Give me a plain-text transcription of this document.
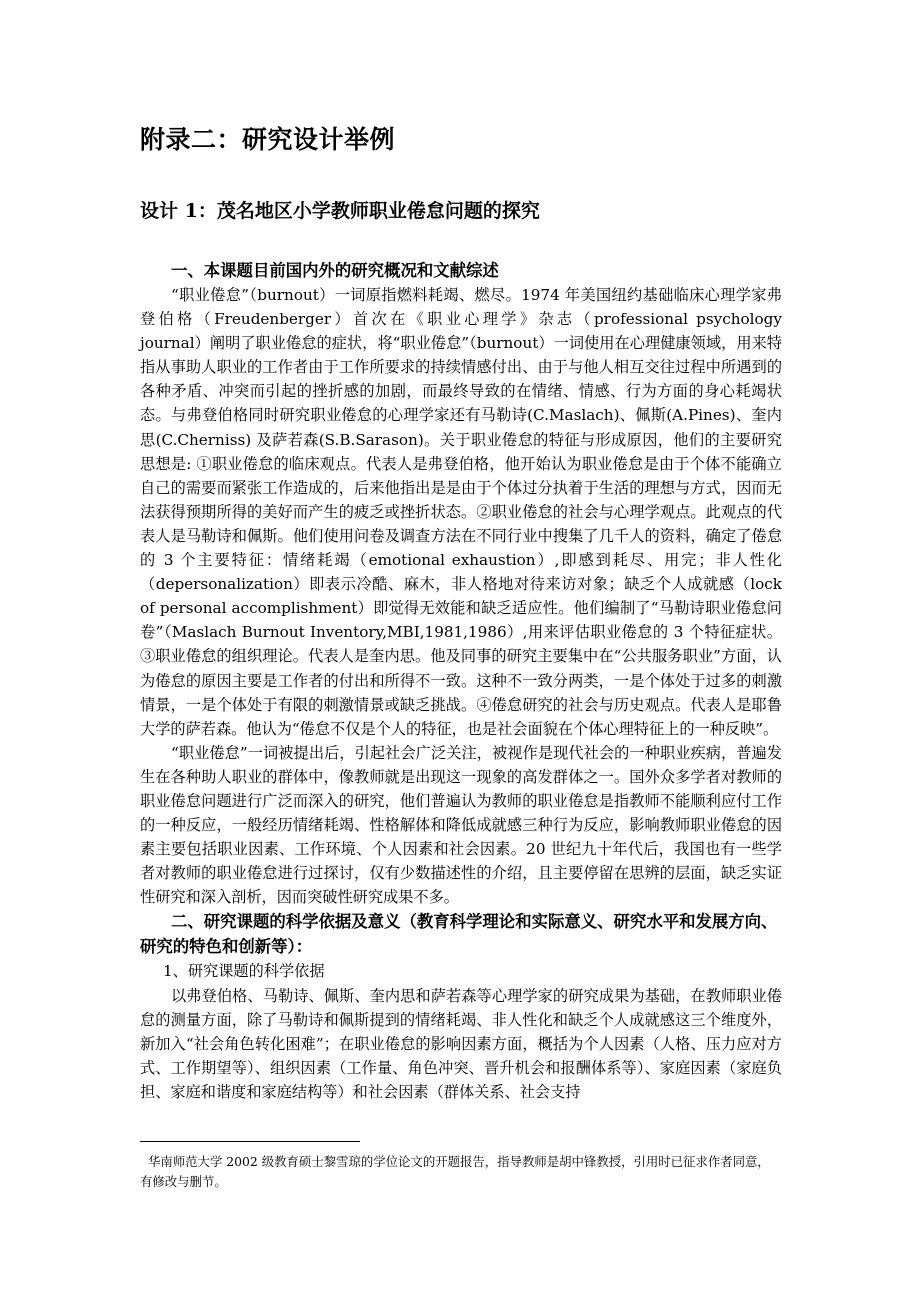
附录二：研究设计举例
设计 1：茂名地区小学教师职业倦怠问题的探究

一、本课题目前国内外的研究概况和文献综述

“职业倦怠”（burnout）一词原指燃料耗竭、燃尽。1974 年美国纽约基础临床心理学家弗登伯格（Freudenberger）首次在《职业心理学》杂志（professional psychology journal）阐明了职业倦怠的症状，将“职业倦怠”（burnout）一词使用在心理健康领域，用来特指从事助人职业的工作者由于工作所要求的持续情感付出、由于与他人相互交往过程中所遇到的各种矛盾、冲突而引起的挫折感的加剧，而最终导致的在情绪、情感、行为方面的身心耗竭状态。与弗登伯格同时研究职业倦怠的心理学家还有马勒诗(C.Maslach)、佩斯(A.Pines)、奎内思(C.Cherniss) 及萨若森(S.B.Sarason)。关于职业倦怠的特征与形成原因，他们的主要研究思想是: ①职业倦怠的临床观点。代表人是弗登伯格，他开始认为职业倦怠是由于个体不能确立自己的需要而紧张工作造成的，后来他指出是是由于个体过分执着于生活的理想与方式，因而无法获得预期所得的美好而产生的疲乏或挫折状态。②职业倦怠的社会与心理学观点。此观点的代表人是马勒诗和佩斯。他们使用问卷及调查方法在不同行业中搜集了几千人的资料，确定了倦怠的 3 个主要特征：情绪耗竭（emotional exhaustion）,即感到耗尽、用完；非人性化（depersonalization）即表示冷酷、麻木，非人格地对待来访对象；缺乏个人成就感（lock of personal accomplishment）即觉得无效能和缺乏适应性。他们编制了“马勒诗职业倦怠问卷”（Maslach Burnout Inventory,MBI,1981,1986）,用来评估职业倦怠的 3 个特征症状。③职业倦怠的组织理论。代表人是奎内思。他及同事的研究主要集中在“公共服务职业”方面，认为倦怠的原因主要是工作者的付出和所得不一致。这种不一致分两类，一是个体处于过多的刺激情景，一是个体处于有限的刺激情景或缺乏挑战。④倦怠研究的社会与历史观点。代表人是耶鲁大学的萨若森。他认为“倦怠不仅是个人的特征，也是社会面貌在个体心理特征上的一种反映”。

“职业倦怠”一词被提出后，引起社会广泛关注，被视作是现代社会的一种职业疾病，普遍发生在各种助人职业的群体中，像教师就是出现这一现象的高发群体之一。国外众多学者对教师的职业倦怠问题进行广泛而深入的研究，他们普遍认为教师的职业倦怠是指教师不能顺利应付工作的一种反应，一般经历情绪耗竭、性格解体和降低成就感三种行为反应，影响教师职业倦怠的因素主要包括职业因素、工作环境、个人因素和社会因素。20 世纪九十年代后，我国也有一些学者对教师的职业倦怠进行过探讨，仅有少数描述性的介绍，且主要停留在思辨的层面，缺乏实证性研究和深入剖析，因而突破性研究成果不多。

二、研究课题的科学依据及意义（教育科学理论和实际意义、研究水平和发展方向、研究的特色和创新等）：

1、研究课题的科学依据

以弗登伯格、马勒诗、佩斯、奎内思和萨若森等心理学家的研究成果为基础，在教师职业倦怠的测量方面，除了马勒诗和佩斯提到的情绪耗竭、非人性化和缺乏个人成就感这三个维度外，新加入“社会角色转化困难”；在职业倦怠的影响因素方面，概括为个人因素（人格、压力应对方式、工作期望等）、组织因素（工作量、角色冲突、晋升机会和报酬体系等）、家庭因素（家庭负担、家庭和谐度和家庭结构等）和社会因素（群体关系、社会支持

华南师范大学 2002 级教育硕士黎雪琼的学位论文的开题报告，指导教师是胡中锋教授，引用时已征求作者同意，有修改与删节。
